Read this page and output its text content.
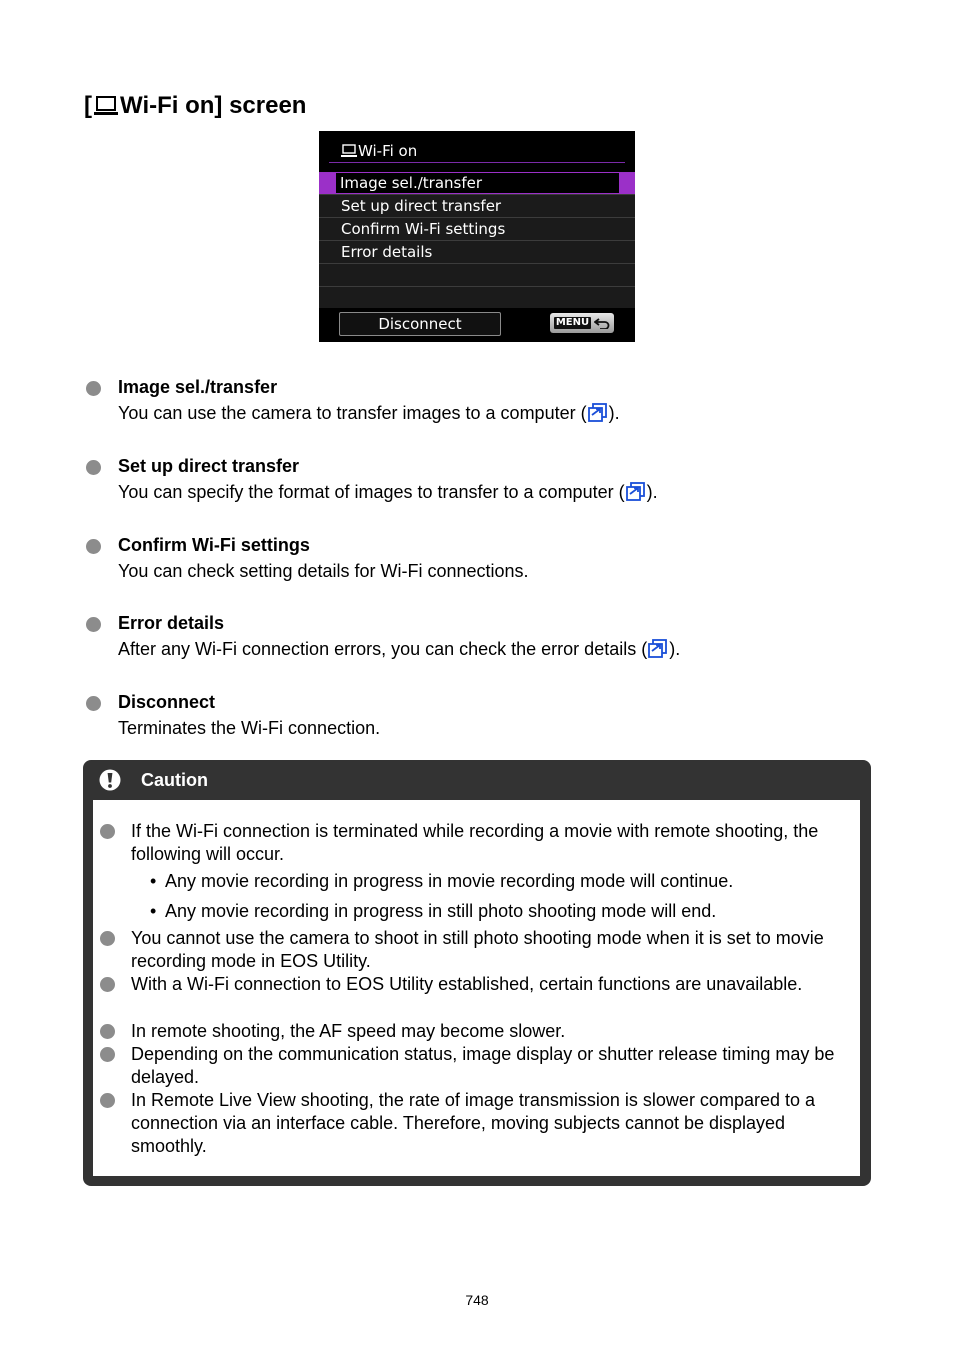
[ Wi-Fi on] screen
Wi-Fi on
Image sel./transfer
Set up direct transfer
Confirm Wi-Fi settings
Error details
Disconnect	MENU

Image sel./transfer

You can use the camera to transfer images to a computer ( ).

Set up direct transfer

You can specify the format of images to transfer to a computer ( ).

Confirm Wi-Fi settings

You can check setting details for Wi-Fi connections.

Error details

After any Wi-Fi connection errors, you can check the error details ( ).

Disconnect

Terminates the Wi-Fi connection.

Caution
If the Wi-Fi connection is terminated while recording a movie with remote shooting, the following will occur.
• Any movie recording in progress in movie recording mode will continue.
• Any movie recording in progress in still photo shooting mode will end.
You cannot use the camera to shoot in still photo shooting mode when it is set to movie recording mode in EOS Utility.
With a Wi-Fi connection to EOS Utility established, certain functions are unavailable.
In remote shooting, the AF speed may become slower.
Depending on the communication status, image display or shutter release timing may be delayed.
In Remote Live View shooting, the rate of image transmission is slower compared to a connection via an interface cable. Therefore, moving subjects cannot be displayed smoothly.
748
